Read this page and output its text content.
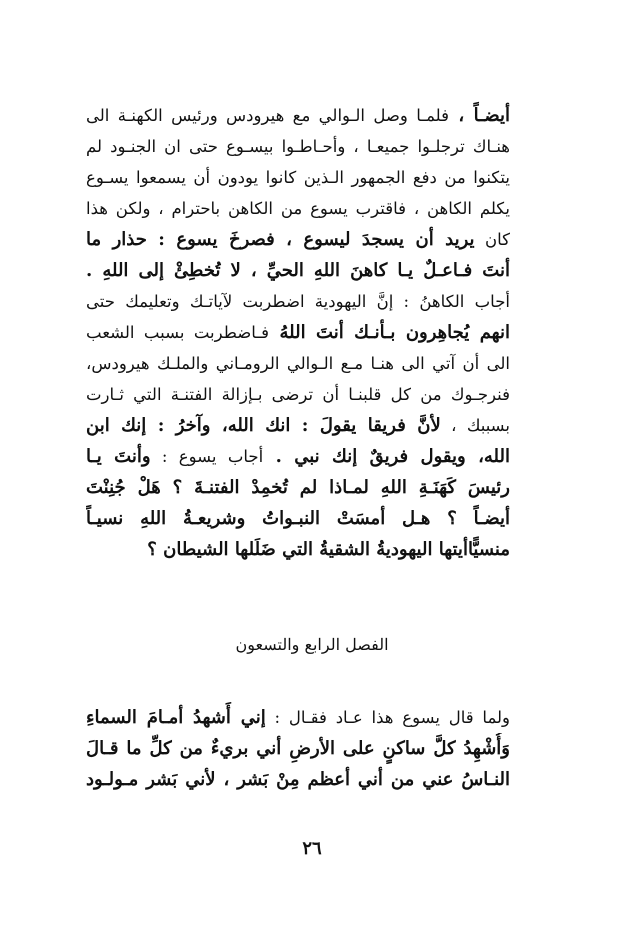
أيضـاً ، فلمـا وصل الـوالي مع هيرودس ورئيس الكهنـة الى
هنـاك ترجلـوا جميعـا ، وأحـاطـوا بيسـوع حتى ان الجنـود لم
يتكنوا من دفع الجمهور الـذين كانوا يودون أن يسمعوا يسـوع
يكلم الكاهن ، فاقترب يسوع من الكاهن باحترام ، ولكن هذا
كان يريد أن يسجدَ ليسوع ، فصرخَ يسوع : حذار ما
أنتَ فـاعـلٌ يـا كاهنَ اللهِ الحيِّ ، لا تُخطِئْ إلى اللهِ .
أجاب الكاهنُ : إنَّ اليهودية اضطربت لآياتـك وتعليمك حتى
انهم يُجاهِرون بـأنـك أنتَ اللهُ فـاضطربت بسبب الشعب
الى أن آتي الى هنـا مـع الـوالي الرومـاني والملـك هيرودس،
فنرجـوك من كل قلبنـا أن ترضى بـإزالة الفتنـة التي ثـارت
بسببك ، لأنَّ فريقا يقولَ : انك الله، وآخرُ : إنك ابن
الله، ويقول فريقٌ إنك نبي . أجاب يسوع : وأنتَ يـا
رئيسَ كَهَنَـةِ اللهِ لمـاذا لم تُخمِدْ الفتنـةَ ؟ هَلْ جُنِنْتَ
أيضـاً ؟ هـل أمسَتْ النبـواتُ وشريعـةُ اللهِ نسيـاً
منسيًّاأيتها اليهوديةُ الشقيةُ التي ضَلَلها الشيطان ؟
الفصل الرابع والتسعون
ولما قال يسوع هذا عـاد فقـال : إني أَشهدُ أمـامَ السماءِ
وَأُشْهِدُ كلَّ ساكنٍ على الأرضِ أني بريءٌ من كلِّ ما قـالَ
النـاسُ عني من أني أعظم مِنْ بَشر ، لأني بَشر مـولـود
٢٦
